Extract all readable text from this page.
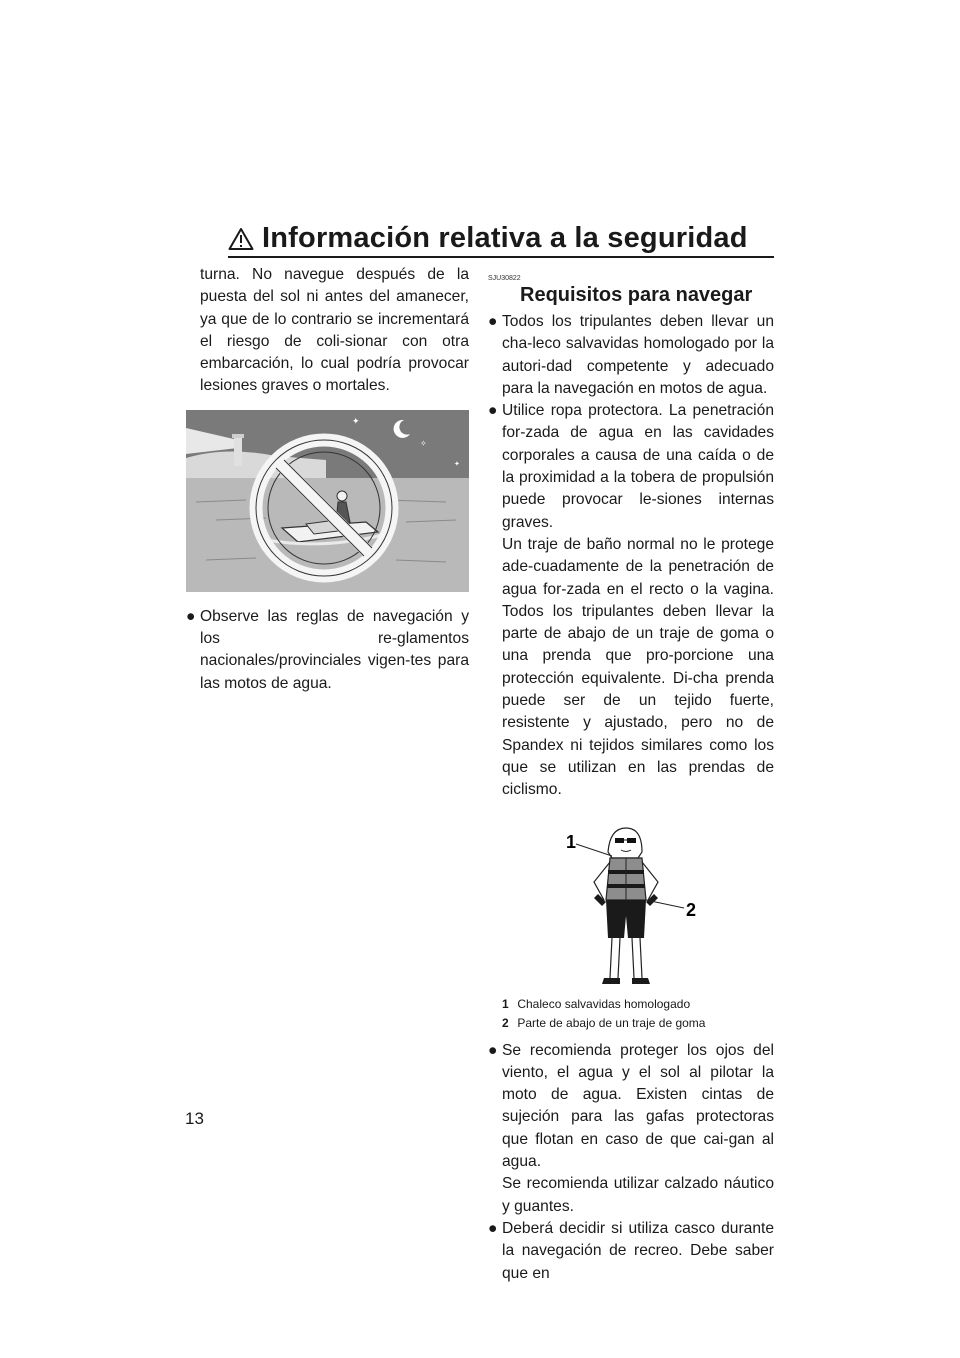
Información relativa a la seguridad

turna. No navegue después de la puesta del sol ni antes del amanecer, ya que de lo contrario se incrementará el riesgo de coli-sionar con otra embarcación, lo cual podría provocar lesiones graves o mortales.

✦
✧
✦
● Observe las reglas de navegación y los re-glamentos nacionales/provinciales vigen-tes para las motos de agua.

SJU30822

Requisitos para navegar

● Todos los tripulantes deben llevar un cha-leco salvavidas homologado por la autori-dad competente y adecuado para la navegación en motos de agua.

● Utilice ropa protectora. La penetración for-zada de agua en las cavidades corporales a causa de una caída o de la proximidad a la tobera de propulsión puede provocar le-siones internas graves.

Un traje de baño normal no le protege ade-cuadamente de la penetración de agua for-zada en el recto o la vagina. Todos los tripulantes deben llevar la parte de abajo de un traje de goma o una prenda que pro-porcione una protección equivalente. Di-cha prenda puede ser de un tejido fuerte, resistente y ajustado, pero no de Spandex ni tejidos similares como los que se utilizan en las prendas de ciclismo.

1
2

1 Chaleco salvavidas homologado

2 Parte de abajo de un traje de goma

● Se recomienda proteger los ojos del viento, el agua y el sol al pilotar la moto de agua. Existen cintas de sujeción para las gafas protectoras que flotan en caso de que cai-gan al agua.

Se recomienda utilizar calzado náutico y guantes.

● Deberá decidir si utiliza casco durante la navegación de recreo. Debe saber que en

13
